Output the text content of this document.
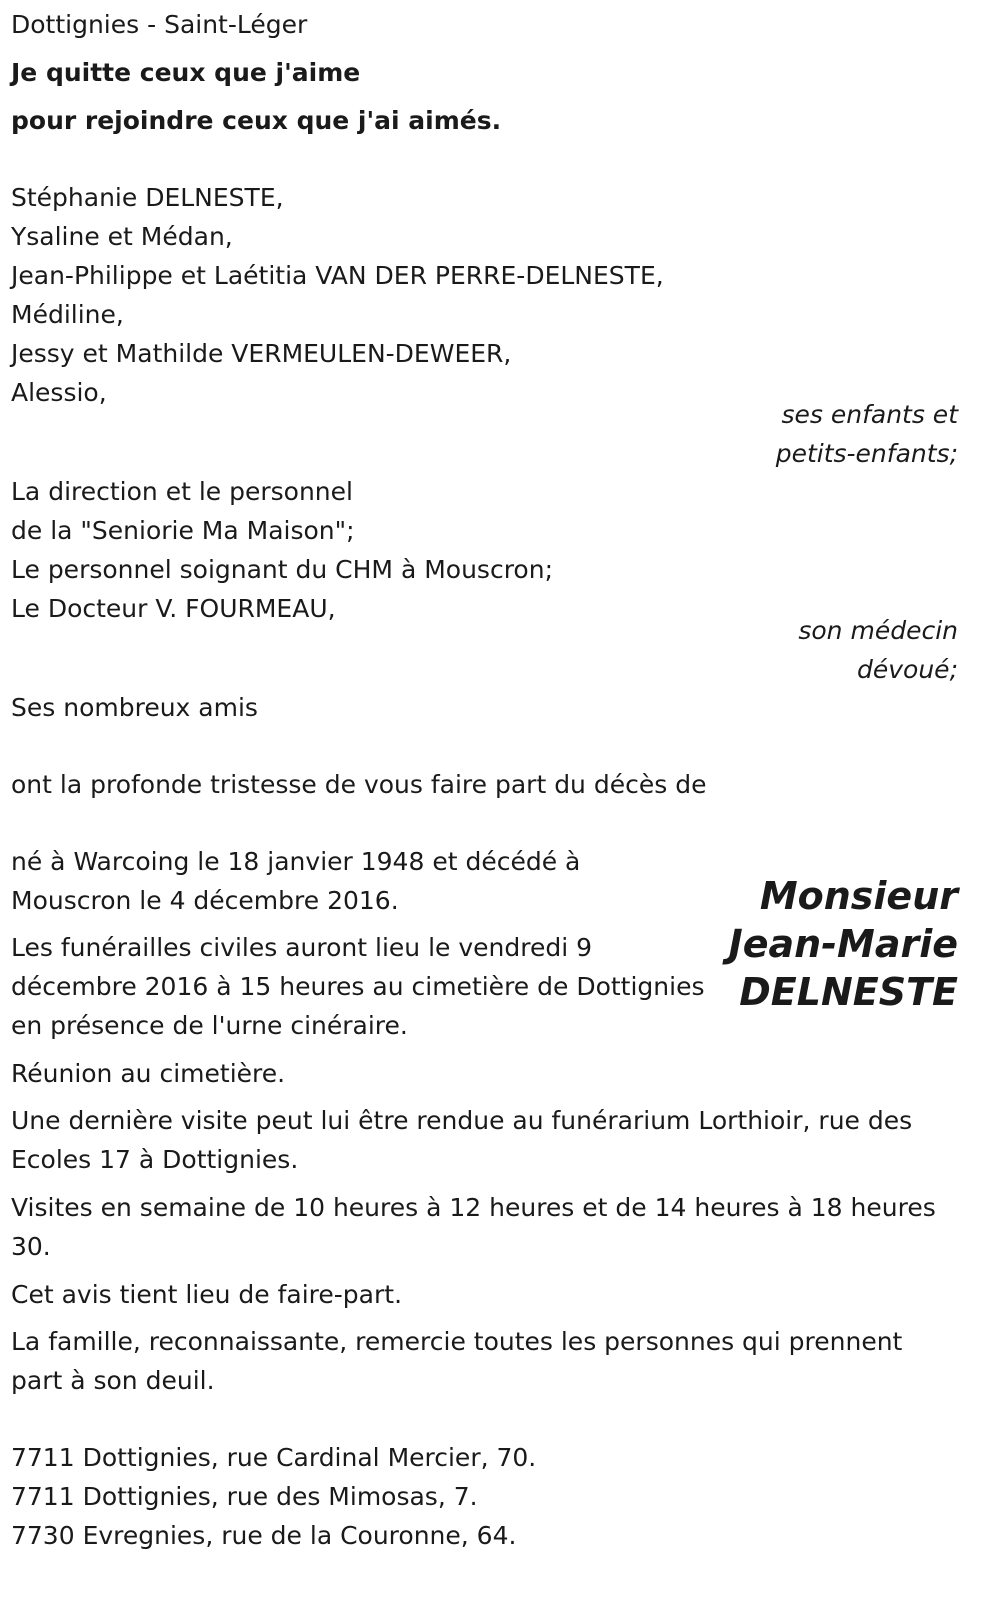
Dottignies - Saint-Léger
Je quitte ceux que j'aime
pour rejoindre ceux que j'ai aimés.
Stéphanie DELNESTE,
Ysaline et Médan,
Jean-Philippe et Laétitia VAN DER PERRE-DELNESTE,
Médiline,
Jessy et Mathilde VERMEULEN-DEWEER,
Alessio,
ses enfants et
petits-enfants;
La direction et le personnel
de la "Seniorie Ma Maison";
Le personnel soignant du CHM à Mouscron;
Le Docteur V. FOURMEAU,
son médecin
dévoué;
Ses nombreux amis
ont la profonde tristesse de vous faire part du décès de
Monsieur
Jean-Marie
DELNESTE
né à Warcoing le 18 janvier 1948 et décédé à
Mouscron le 4 décembre 2016.
Les funérailles civiles auront lieu le vendredi 9
décembre 2016 à 15 heures au cimetière de Dottignies
en présence de l'urne cinéraire.
Réunion au cimetière.
Une dernière visite peut lui être rendue au funérarium Lorthioir, rue des
Ecoles 17 à Dottignies.
Visites en semaine de 10 heures à 12 heures et de 14 heures à 18 heures
30.
Cet avis tient lieu de faire-part.
La famille, reconnaissante, remercie toutes les personnes qui prennent
part à son deuil.
7711 Dottignies, rue Cardinal Mercier, 70.
7711 Dottignies, rue des Mimosas, 7.
7730 Evregnies, rue de la Couronne, 64.
